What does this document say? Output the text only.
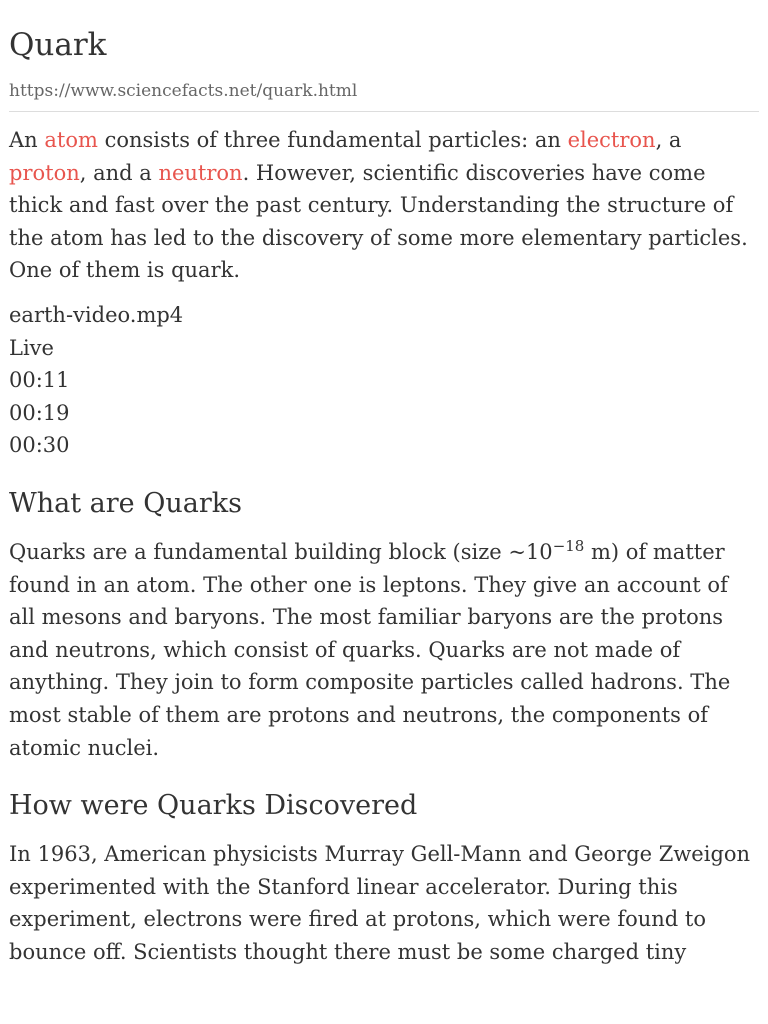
Quark
https://www.sciencefacts.net/quark.html

An atom consists of three fundamental particles: an electron, a proton, and a neutron. However, scientific discoveries have come thick and fast over the past century. Understanding the structure of the atom has led to the discovery of some more elementary particles. One of them is quark.

earth-video.mp4
Live
00:11
00:19
00:30
What are Quarks

Quarks are a fundamental building block (size $\sim 10^{-18}$ m) of matter found in an atom. The other one is leptons. They give an account of all mesons and baryons. The most familiar baryons are the protons and neutrons, which consist of quarks. Quarks are not made of anything. They join to form composite particles called hadrons. The most stable of them are protons and neutrons, the components of atomic nuclei.

How were Quarks Discovered

In 1963, American physicists Murray Gell-Mann and George Zweigon experimented with the Stanford linear accelerator. During this experiment, electrons were fired at protons, which were found to bounce off. Scientists thought there must be some charged tiny
